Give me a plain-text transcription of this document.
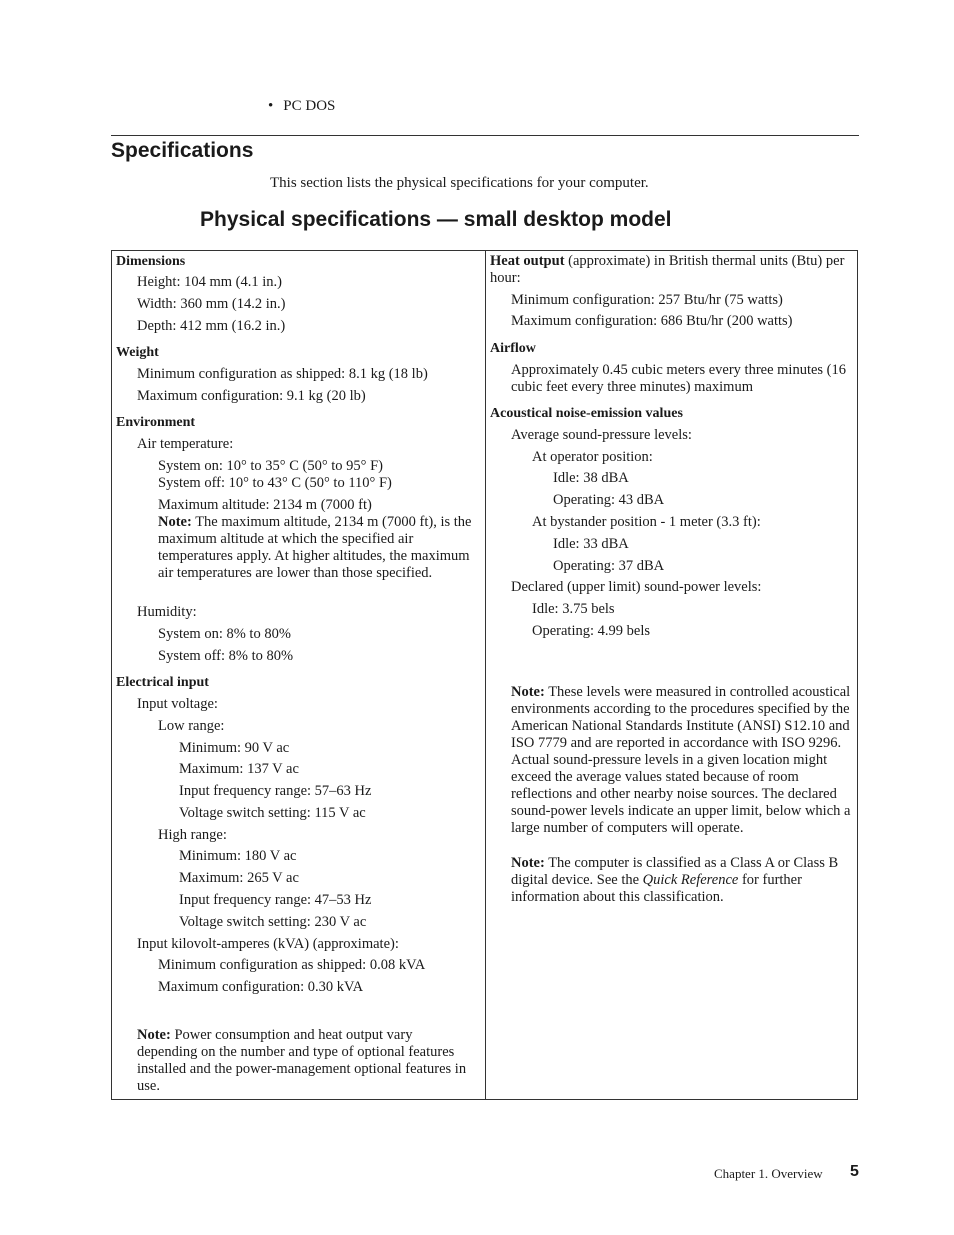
• PC DOS
Specifications
This section lists the physical specifications for your computer.
Physical specifications — small desktop model
Dimensions
Height: 104 mm (4.1 in.)
Width: 360 mm (14.2 in.)
Depth: 412 mm (16.2 in.)
Weight
Minimum configuration as shipped: 8.1 kg (18 lb)
Maximum configuration: 9.1 kg (20 lb)
Environment
Air temperature:
System on: 10° to 35° C (50° to 95° F)
System off: 10° to 43° C (50° to 110° F)
Maximum altitude: 2134 m (7000 ft)
Note: The maximum altitude, 2134 m (7000 ft), is the maximum altitude at which the specified air temperatures apply. At higher altitudes, the maximum air temperatures are lower than those specified.
Humidity:
System on: 8% to 80%
System off: 8% to 80%
Electrical input
Input voltage:
Low range:
Minimum: 90 V ac
Maximum: 137 V ac
Input frequency range: 57–63 Hz
Voltage switch setting: 115 V ac
High range:
Minimum: 180 V ac
Maximum: 265 V ac
Input frequency range: 47–53 Hz
Voltage switch setting: 230 V ac
Input kilovolt-amperes (kVA) (approximate):
Minimum configuration as shipped: 0.08 kVA
Maximum configuration: 0.30 kVA
Note: Power consumption and heat output vary depending on the number and type of optional features installed and the power-management optional features in use.
Heat output (approximate) in British thermal units (Btu) per hour:
Minimum configuration: 257 Btu/hr (75 watts)
Maximum configuration: 686 Btu/hr (200 watts)
Airflow
Approximately 0.45 cubic meters every three minutes (16 cubic feet every three minutes) maximum
Acoustical noise-emission values
Average sound-pressure levels:
At operator position:
Idle: 38 dBA
Operating: 43 dBA
At bystander position - 1 meter (3.3 ft):
Idle: 33 dBA
Operating: 37 dBA
Declared (upper limit) sound-power levels:
Idle: 3.75 bels
Operating: 4.99 bels
Note: These levels were measured in controlled acoustical environments according to the procedures specified by the American National Standards Institute (ANSI) S12.10 and ISO 7779 and are reported in accordance with ISO 9296. Actual sound-pressure levels in a given location might exceed the average values stated because of room reflections and other nearby noise sources. The declared sound-power levels indicate an upper limit, below which a large number of computers will operate.
Note: The computer is classified as a Class A or Class B digital device. See the Quick Reference for further information about this classification.
Chapter 1. Overview 5
